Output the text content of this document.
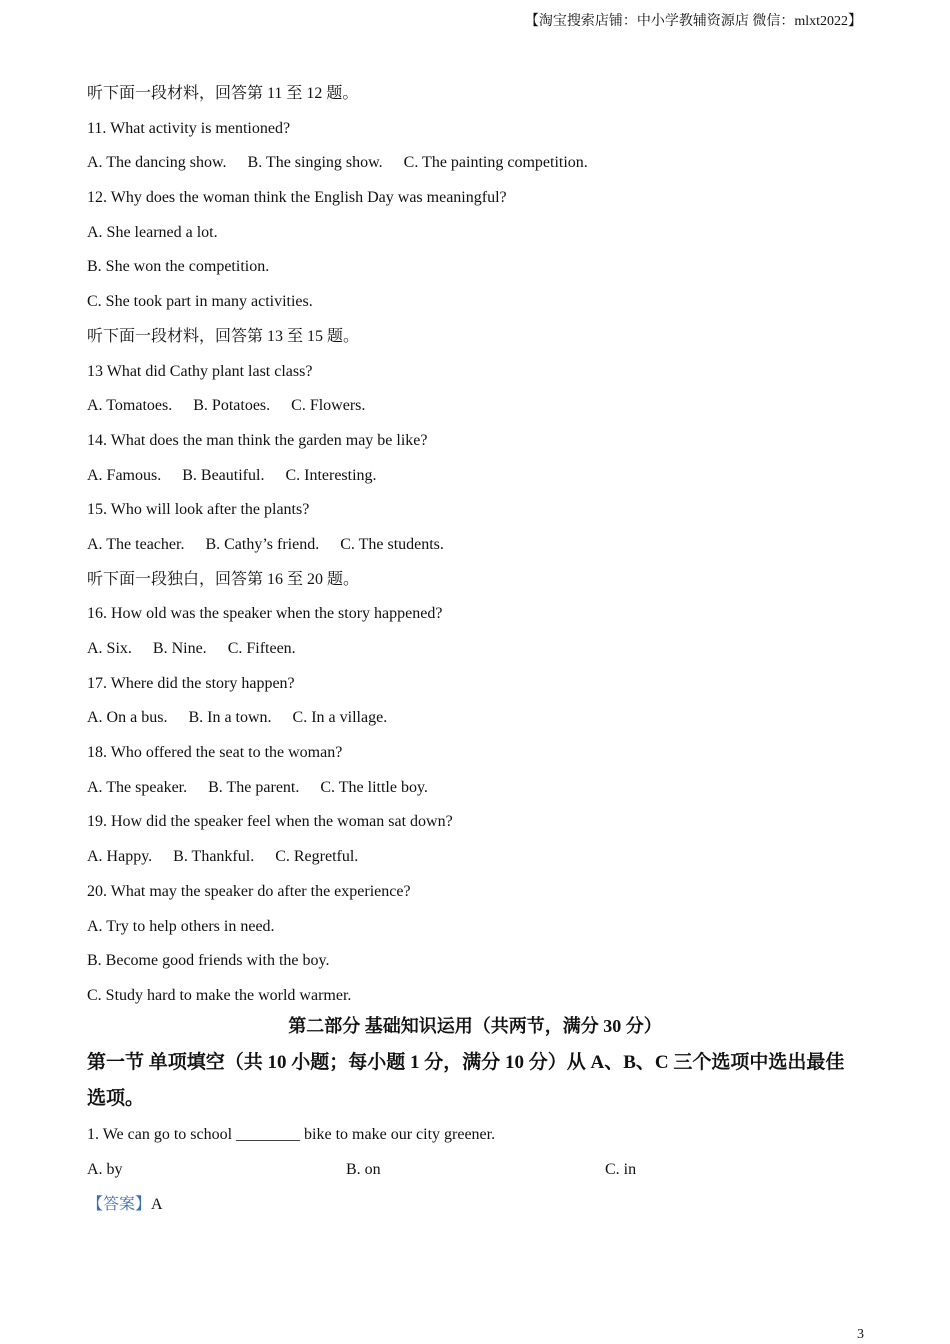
【淘宝搜索店铺：中小学教辅资源店 微信：mlxt2022】
听下面一段材料，回答第 11 至 12 题。
11. What activity is mentioned?
A. The dancing show. B. The singing show. C. The painting competition.
12. Why does the woman think the English Day was meaningful?
A. She learned a lot.
B. She won the competition.
C. She took part in many activities.
听下面一段材料，回答第 13 至 15 题。
13 What did Cathy plant last class?
A. Tomatoes. B. Potatoes. C. Flowers.
14. What does the man think the garden may be like?
A. Famous. B. Beautiful. C. Interesting.
15. Who will look after the plants?
A. The teacher. B. Cathy’s friend. C. The students.
听下面一段独白，回答第 16 至 20 题。
16. How old was the speaker when the story happened?
A. Six. B. Nine. C. Fifteen.
17. Where did the story happen?
A. On a bus. B. In a town. C. In a village.
18. Who offered the seat to the woman?
A. The speaker. B. The parent. C. The little boy.
19. How did the speaker feel when the woman sat down?
A. Happy. B. Thankful. C. Regretful.
20. What may the speaker do after the experience?
A. Try to help others in need.
B. Become good friends with the boy.
C. Study hard to make the world warmer.
第二部分 基础知识运用（共两节，满分 30 分）
第一节 单项填空（共 10 小题；每小题 1 分，满分 10 分）从 A、B、C 三个选项中选出最佳选项。
1. We can go to school ________ bike to make our city greener.
A. by	B. on	C. in
【答案】A
3
